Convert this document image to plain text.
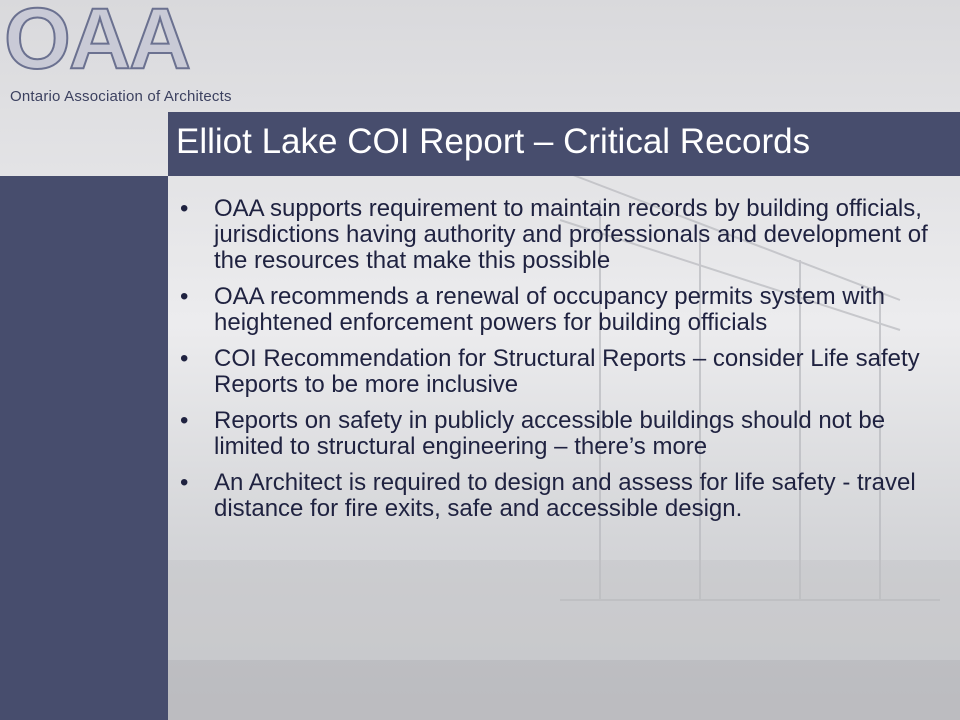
OAA
Ontario Association of Architects
Elliot Lake COI Report – Critical Records
• OAA supports requirement to maintain records by building officials, jurisdictions having authority and professionals and development of the resources that make this possible
• OAA recommends a renewal of occupancy permits system with heightened enforcement powers for building officials
• COI Recommendation for Structural Reports – consider Life safety Reports to be more inclusive
• Reports on safety in publicly accessible buildings should not be limited to structural engineering – there’s more
• An Architect is required to design and assess for life safety - travel distance for fire exits, safe and accessible design.
